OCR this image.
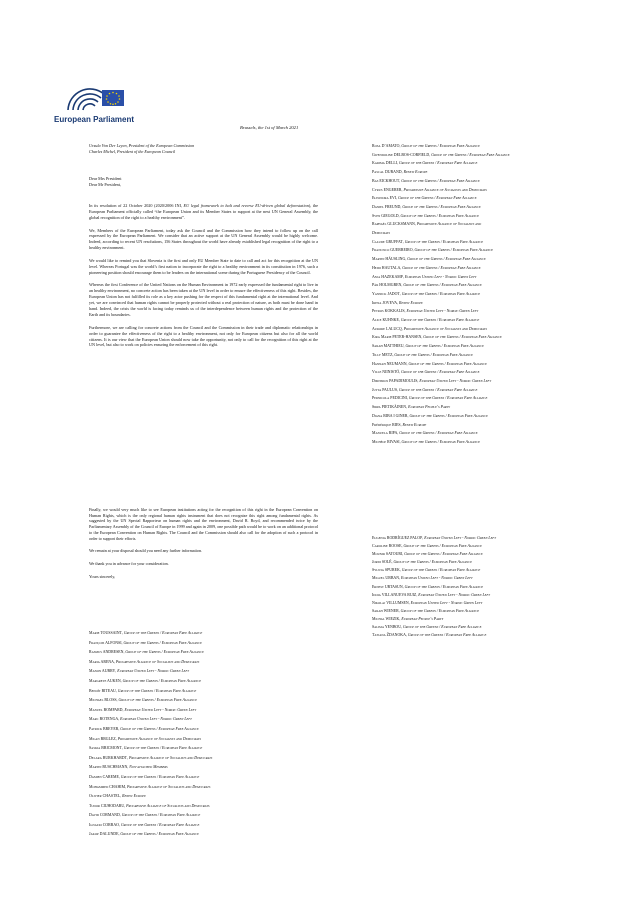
European Parliament
Brussels, the 1st of March 2021
Ursula Von Der Leyen, President of the European Commission
Charles Michel, President of the European Council
Dear Mrs President
Dear Mr President,

In its resolution of 22 October 2020 (2020/2006 INI, EU legal framework to halt and reverse EU-driven global deforestation), the European Parliament officially called “the European Union and its Member States to support at the next UN General Assembly, the global recognition of the right to a healthy environment”.

We, Members of the European Parliament, today ask the Council and the Commission how they intend to follow up on the call expressed by the European Parliament. We consider that an active support at the UN General Assembly would be highly welcome. Indeed, according to recent UN resolutions, 156 States throughout the world have already established legal recognition of the right to a healthy environment.

We would like to remind you that Slovenia is the first and only EU Member State to date to call and act for this recognition at the UN level. Whereas Portugal was the world’s first nation to incorporate the right to a healthy environment in its constitution in 1976, such a pioneering position should encourage them to be leaders on the international scene during the Portuguese Presidency of the Council.

Whereas the first Conference of the United Nations on the Human Environment in 1972 early expressed the fundamental right to live in an healthy environment, no concrete action has been taken at the UN level in order to ensure the effectiveness of this right. Besides, the European Union has not fulfilled its role as a key actor pushing for the respect of this fundamental right at the international level. And yet, we are convinced that human rights cannot be properly protected without a real protection of nature, as both must be done hand in hand. Indeed, the crisis the world is facing today reminds us of the interdependence between human rights and the protection of the Earth and its boundaries.

Furthermore, we are calling for concrete actions from the Council and the Commission in their trade and diplomatic relationships in order to guarantee the effectiveness of the right to a healthy environment, not only for European citizens but also for all the world citizens. It is our view that the European Union should now take the opportunity, not only to call for the recognition of this right at the UN level, but also to work on policies ensuring the enforcement of this right.

Rosa D’AMATO, Group of the Greens / European Free Alliance
Gwendoline DELBOS-CORFIELD, Group of the Greens / European Free Alliance
Karima DELLI, Group of the Greens / European Free Alliance
Pascal DURAND, Renew Europe
Bas EICKHOUT, Group of the Greens / European Free Alliance
Cyrus ENGERER, Progressive Alliance of Socialists and Democrats
Eleonora EVI, Group of the Greens / European Free Alliance
Daniel FREUND, Group of the Greens / European Free Alliance
Sven GIEGOLD, Group of the Greens / European Free Alliance
Raphaël GLUCKSMANN, Progressive Alliance of Socialists and
Democrats
Claude GRUFFAT, Group of the Greens / European Free Alliance
Francisco GUERREIRO, Group of the Greens / European Free Alliance
Martin HÄUSLING, Group of the Greens / European Free Alliance
Heidi HAUTALA, Group of the Greens / European Free Alliance
Anja HAZEKAMP, European United Left - Nordic Green Left
Pär HOLMGREN, Group of the Greens / European Free Alliance
Yannick JADOT, Group of the Greens / European Free Alliance
Irena JOVEVA, Renew Europe
Petros KOKKALIS, European United Left - Nordic Green Left
Alice KUHNKE, Group of the Greens / European Free Alliance
Aurore LALUCQ, Progressive Alliance of Socialists and Democrats
Kira Marie PETER-HANSEN, Group of the Greens / European Free Alliance
Sarah MATTHIEU, Group of the Greens / European Free Alliance
Tilly METZ, Group of the Greens / European Free Alliance
Hannah NEUMANN, Group of the Greens / European Free Alliance
Ville NIINISTÖ, Group of the Greens / European Free Alliance
Dimitrios PAPADIMOULIS, European United Left - Nordic Green Left
Jutta PAULUS, Group of the Greens / European Free Alliance
Pernicola PEDICINI, Group of the Greens / European Free Alliance
Sirpa PIETIKÄINEN, European People’s Party
Diana RIBA I GINER, Group of the Greens / European Free Alliance
Frédérique RIES, Renew Europe
Manuela RIPA, Group of the Greens / European Free Alliance
Michèle RIVASI, Group of the Greens / European Free Alliance

Finally, we would very much like to see European institutions acting for the recognition of this right in the European Convention on Human Rights, which is the only regional human rights instrument that does not recognize this right among fundamental rights. As suggested by the UN Special Rapporteur on human rights and the environment, David R. Boyd, and recommended twice by the Parliamentary Assembly of the Council of Europe in 1999 and again in 2009, one possible path would be to work on an additional protocol to the European Convention on Human Rights. The Council and the Commission should also call for the adoption of such a protocol in order to support their efforts.

We remain at your disposal should you need any further information.

We thank you in advance for your consideration.

Yours sincerely,

Eugenia RODRÍGUEZ PALOP, European United Left - Nordic Green Left
Caroline ROOSE, Group of the Greens / European Free Alliance
Mounir SATOURI, Group of the Greens / European Free Alliance
Jordi SOLÉ, Group of the Greens / European Free Alliance
Sylwia SPUREK, Group of the Greens / European Free Alliance
Miguel URBAN, European United Left - Nordic Green Left
Ernest URTASUN, Group of the Greens / European Free Alliance
Idoia VILLANUEVA RUIZ, European United Left - Nordic Green Left
Nikolaj VILLUMSEN, European United Left - Nordic Green Left
Sarah WIENER, Group of the Greens / European Free Alliance
Michal WIEZIK, European People’s Party
Salima YENBOU, Group of the Greens / European Free Alliance
Tatjana ŽDANOKA, Group of the Greens / European Free Alliance
Marie TOUSSAINT, Group of the Greens / European Free Alliance
François ALFONSI, Group of the Greens / European Free Alliance
Rasmus ANDRESEN, Group of the Greens / European Free Alliance
Maria ARENA, Progressive Alliance of Socialists and Democrats
Manon AUBRY, European United Left - Nordic Green Left
Margrete AUKEN, Group of the Greens / European Free Alliance
Benoît BITEAU, Group of the Greens / European Free Alliance
Michael BLOSS, Group of the Greens / European Free Alliance
Manuel BOMPARD, European United Left - Nordic Green Left
Marc BOTENGA, European United Left - Nordic Green Left
Patrick BREYER, Group of the Greens / European Free Alliance
Milan BRGLEZ, Progressive Alliance of Socialists and Democrats
Saskia BRICMONT, Group of the Greens / European Free Alliance
Delara BURKHARDT, Progressive Alliance of Socialists and Democrats
Martin BUSCHMANN, Non-attached Members
Damien CAREME, Group of the Greens / European Free Alliance
Mohammed CHAHIM, Progressive Alliance of Socialists and Democrats
Olivier CHASTEL, Renew Europe
Tudor CIUHODARU, Progressive Alliance of Socialists and Democrats
David CORMAND, Group of the Greens / European Free Alliance
Ignazio CORRAO, Group of the Greens / European Free Alliance
Jakop DALUNDE, Group of the Greens / European Free Alliance
